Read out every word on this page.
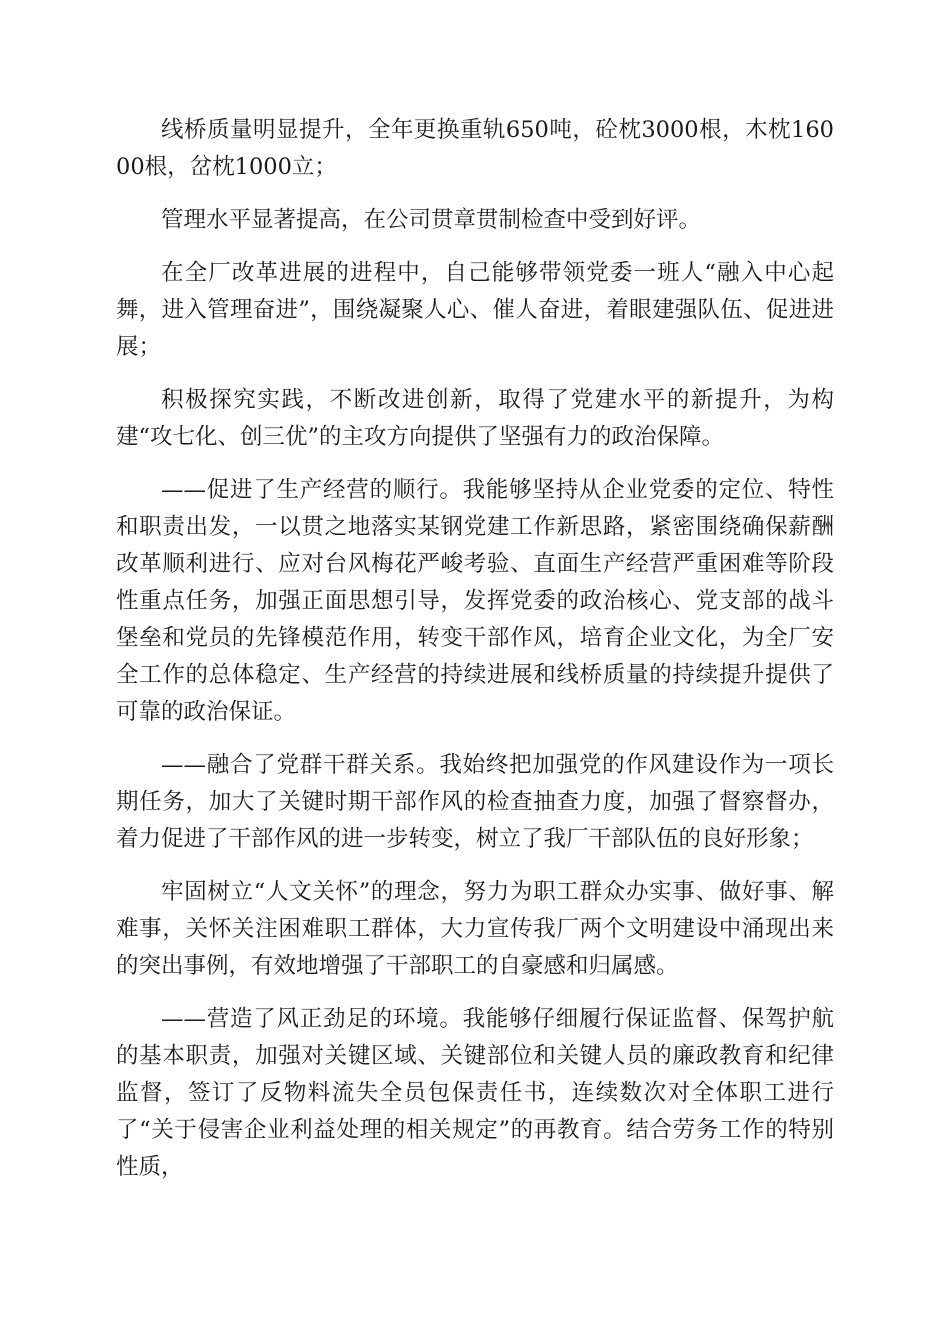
线桥质量明显提升，全年更换重轨650吨，砼枕3000根，木枕16000根，岔枕1000立；

管理水平显著提高，在公司贯章贯制检查中受到好评。

在全厂改革进展的进程中，自己能够带领党委一班人“融入中心起舞，进入管理奋进”，围绕凝聚人心、催人奋进，着眼建强队伍、促进进展；

积极探究实践，不断改进创新，取得了党建水平的新提升，为构建“攻七化、创三优”的主攻方向提供了坚强有力的政治保障。

——促进了生产经营的顺行。我能够坚持从企业党委的定位、特性和职责出发，一以贯之地落实某钢党建工作新思路，紧密围绕确保薪酬改革顺利进行、应对台风梅花严峻考验、直面生产经营严重困难等阶段性重点任务，加强正面思想引导，发挥党委的政治核心、党支部的战斗堡垒和党员的先锋模范作用，转变干部作风，培育企业文化，为全厂安全工作的总体稳定、生产经营的持续进展和线桥质量的持续提升提供了可靠的政治保证。

——融合了党群干群关系。我始终把加强党的作风建设作为一项长期任务，加大了关键时期干部作风的检查抽查力度，加强了督察督办，着力促进了干部作风的进一步转变，树立了我厂干部队伍的良好形象；

牢固树立“人文关怀”的理念，努力为职工群众办实事、做好事、解难事，关怀关注困难职工群体，大力宣传我厂两个文明建设中涌现出来的突出事例，有效地增强了干部职工的自豪感和归属感。

——营造了风正劲足的环境。我能够仔细履行保证监督、保驾护航的基本职责，加强对关键区域、关键部位和关键人员的廉政教育和纪律监督，签订了反物料流失全员包保责任书，连续数次对全体职工进行了“关于侵害企业利益处理的相关规定”的再教育。结合劳务工作的特别性质，
